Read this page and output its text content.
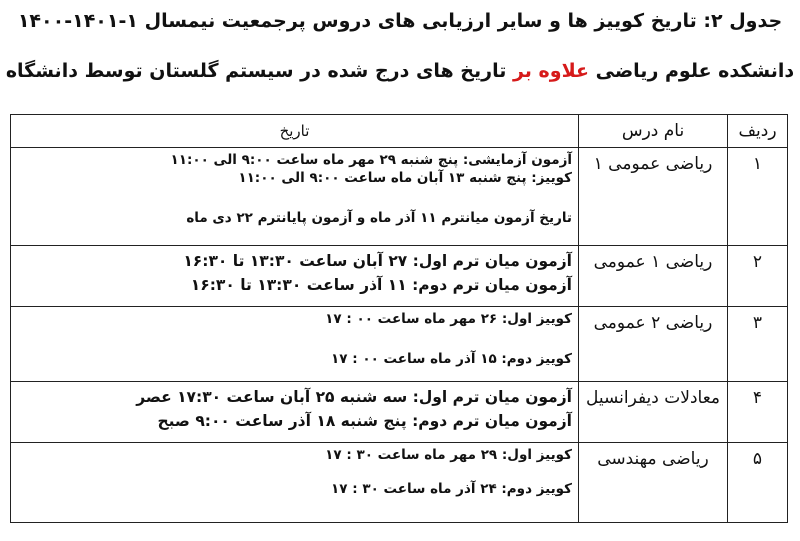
جدول ۲: تاریخ کوییز ها و سایر ارزیابی های دروس پرجمعیت نیمسال ۱-۱۴۰۱-۱۴۰۰
دانشکده علوم ریاضی علاوه بر تاریخ های درج شده در سیستم گلستان توسط دانشگاه
ردیف	نام درس	تاریخ

۱	ریاضی عمومی ۱	آزمون آزمایشی: پنج شنبه ۲۹ مهر ماه ساعت ۹:۰۰ الی ۱۱:۰۰
کوییز: پنج شنبه ۱۳ آبان ماه ساعت ۹:۰۰ الی ۱۱:۰۰
تاریخ آزمون میانترم ۱۱ آذر ماه و آزمون پایانترم ۲۲ دی ماه

۲	ریاضی ۱ عمومی	آزمون میان ترم اول: ۲۷ آبان ساعت ۱۳:۳۰ تا ۱۶:۳۰
آزمون میان ترم دوم: ۱۱ آذر ساعت ۱۳:۳۰ تا ۱۶:۳۰

۳	ریاضی ۲ عمومی	کوییز اول: ۲۶ مهر ماه ساعت ۰۰ : ۱۷
کوییز دوم: ۱۵ آذر ماه ساعت ۰۰ : ۱۷

۴	معادلات دیفرانسیل	آزمون میان ترم اول: سه شنبه ۲۵ آبان ساعت ۱۷:۳۰ عصر
آزمون میان ترم دوم: پنج شنبه ۱۸ آذر ساعت ۹:۰۰ صبح

۵	ریاضی مهندسی	کوییز اول: ۲۹ مهر ماه ساعت ۳۰ : ۱۷
کوییز دوم: ۲۴ آذر ماه ساعت ۳۰ : ۱۷
